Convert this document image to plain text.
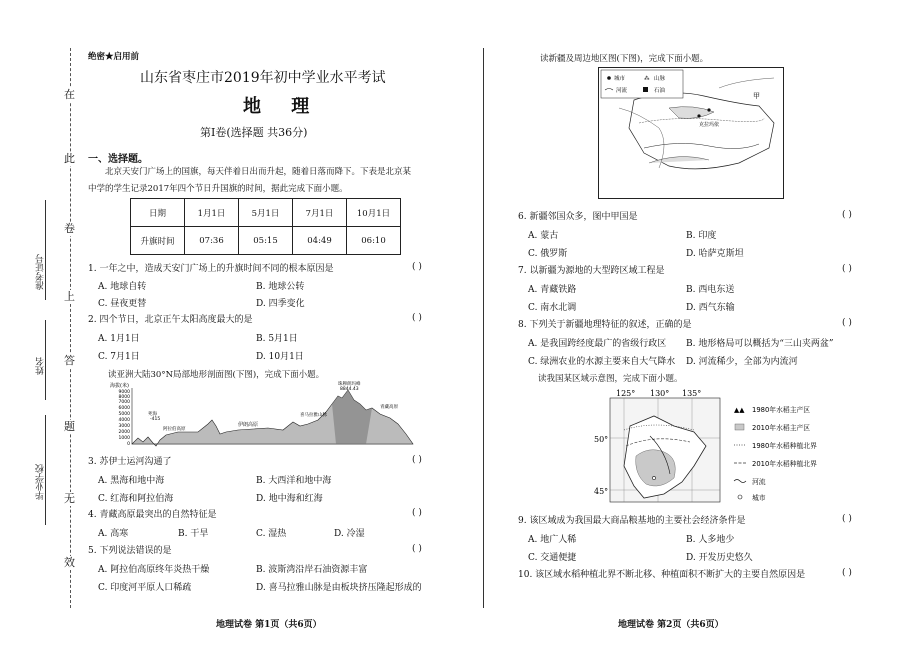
在
此
卷
上
答
题
无
效
准考证号
姓名
毕业学校
绝密★启用前
山东省枣庄市2019年初中学业水平考试
地 理
第Ⅰ卷(选择题 共36分)
一、选择题。
北京天安门广场上的国旗，每天伴着日出而升起，随着日落而降下。下表是北京某
中学的学生记录2017年四个节日升国旗的时间，据此完成下面小题。
日期	1月1日	5月1日	7月1日	10月1日
升旗时间	07:36	05:15	04:49	06:10
1. 一年之中，造成天安门广场上的升旗时间不同的根本原因是	( )
A. 地球自转	B. 地球公转
C. 昼夜更替	D. 四季变化
2. 四个节日，北京正午太阳高度最大的是	( )
A. 1月1日	B. 5月1日
C. 7月1日	D. 10月1日
读亚洲大陆30°N局部地形剖面图(下图)，完成下面小题。
海拔(米)
9000
8000
7000
6000
5000
4000
3000
2000
1000
0
珠穆朗玛峰
8844.43
死海
-415
阿拉伯高原
伊朗高原
喜马拉雅山脉
青藏高原
3. 苏伊士运河沟通了	( )
A. 黑海和地中海	B. 大西洋和地中海
C. 红海和阿拉伯海	D. 地中海和红海
4. 青藏高原最突出的自然特征是	( )
A. 高寒	B. 干旱	C. 湿热	D. 冷湿
5. 下列说法错误的是	( )
A. 阿拉伯高原终年炎热干燥	B. 波斯湾沿岸石油资源丰富
C. 印度河平原人口稀疏	D. 喜马拉雅山脉是由板块挤压隆起形成的
地理试卷 第1页（共6页）
读新疆及周边地区图(下图)，完成下面小题。
甲
克拉玛依
城市	⁂ 山脉
河流	石油
6. 新疆邻国众多，图中甲国是	( )
A. 蒙古	B. 印度
C. 俄罗斯	D. 哈萨克斯坦
7. 以新疆为源地的大型跨区域工程是	( )
A. 青藏铁路	B. 西电东送
C. 南水北调	D. 西气东输
8. 下列关于新疆地理特征的叙述，正确的是	( )
A. 是我国跨经度最广的省级行政区 B. 地形格局可以概括为“三山夹两盆”
C. 绿洲农业的水源主要来自大气降水 D. 河流稀少，全部为内流河
读我国某区域示意图，完成下面小题。
125° 130° 135°
50°
45°
▲▲ 1980年水稻主产区
2010年水稻主产区
1980年水稻种植北界
2010年水稻种植北界
河流
城市
9. 该区域成为我国最大商品粮基地的主要社会经济条件是	( )
A. 地广人稀	B. 人多地少
C. 交通便捷	D. 开发历史悠久
10. 该区域水稻种植北界不断北移、种植面积不断扩大的主要自然原因是	( )
地理试卷 第2页（共6页）
